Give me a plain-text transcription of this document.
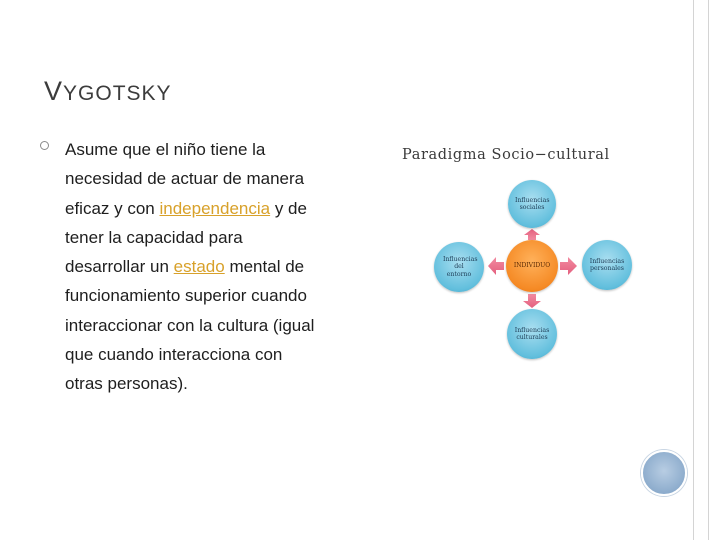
VYGOTSKY
Asume que el niño tiene la
necesidad de actuar de manera
eficaz y con independencia y de
tener la capacidad para
desarrollar un estado mental de
funcionamiento superior cuando
interaccionar con la cultura (igual
que cuando interacciona con
otras personas).
Paradigma Socio−cultural
Influencias sociales
Influencias del entorno
INDIVIDUO
Influencias personales
Influencias culturales
